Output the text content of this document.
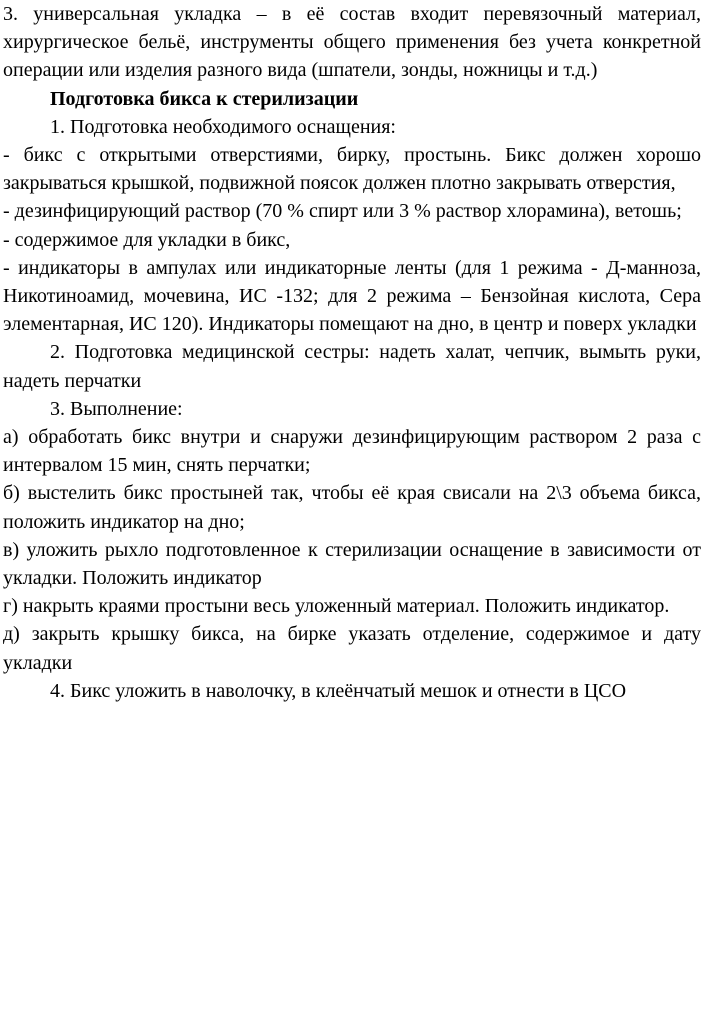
3. универсальная укладка – в её состав входит перевязочный материал, хирургическое бельё, инструменты общего применения без учета конкретной операции или изделия разного вида (шпатели, зонды, ножницы и т.д.)

Подготовка бикса к стерилизации

1. Подготовка необходимого оснащения:

- бикс с открытыми отверстиями, бирку, простынь. Бикс должен хорошо закрываться крышкой, подвижной поясок должен плотно закрывать отверстия,

- дезинфицирующий раствор (70 % спирт или 3 % раствор хлорамина), ветошь;

- содержимое для укладки в бикс,

- индикаторы в ампулах или индикаторные ленты (для 1 режима - Д-манноза, Никотиноамид, мочевина, ИС -132; для 2 режима – Бензойная кислота, Сера элементарная, ИС 120). Индикаторы помещают на дно, в центр и поверх укладки

2. Подготовка медицинской сестры: надеть халат, чепчик, вымыть руки, надеть перчатки

3. Выполнение:

а) обработать бикс внутри и снаружи дезинфицирующим раствором 2 раза с интервалом 15 мин, снять перчатки;

б) выстелить бикс простыней так, чтобы её края свисали на 2\3 объема бикса, положить индикатор на дно;

в) уложить рыхло подготовленное к стерилизации оснащение в зависимости от укладки. Положить индикатор

г) накрыть краями простыни весь уложенный материал. Положить индикатор.

д) закрыть крышку бикса, на бирке указать отделение, содержимое и дату укладки

4. Бикс уложить в наволочку, в клеёнчатый мешок и отнести в ЦСО
